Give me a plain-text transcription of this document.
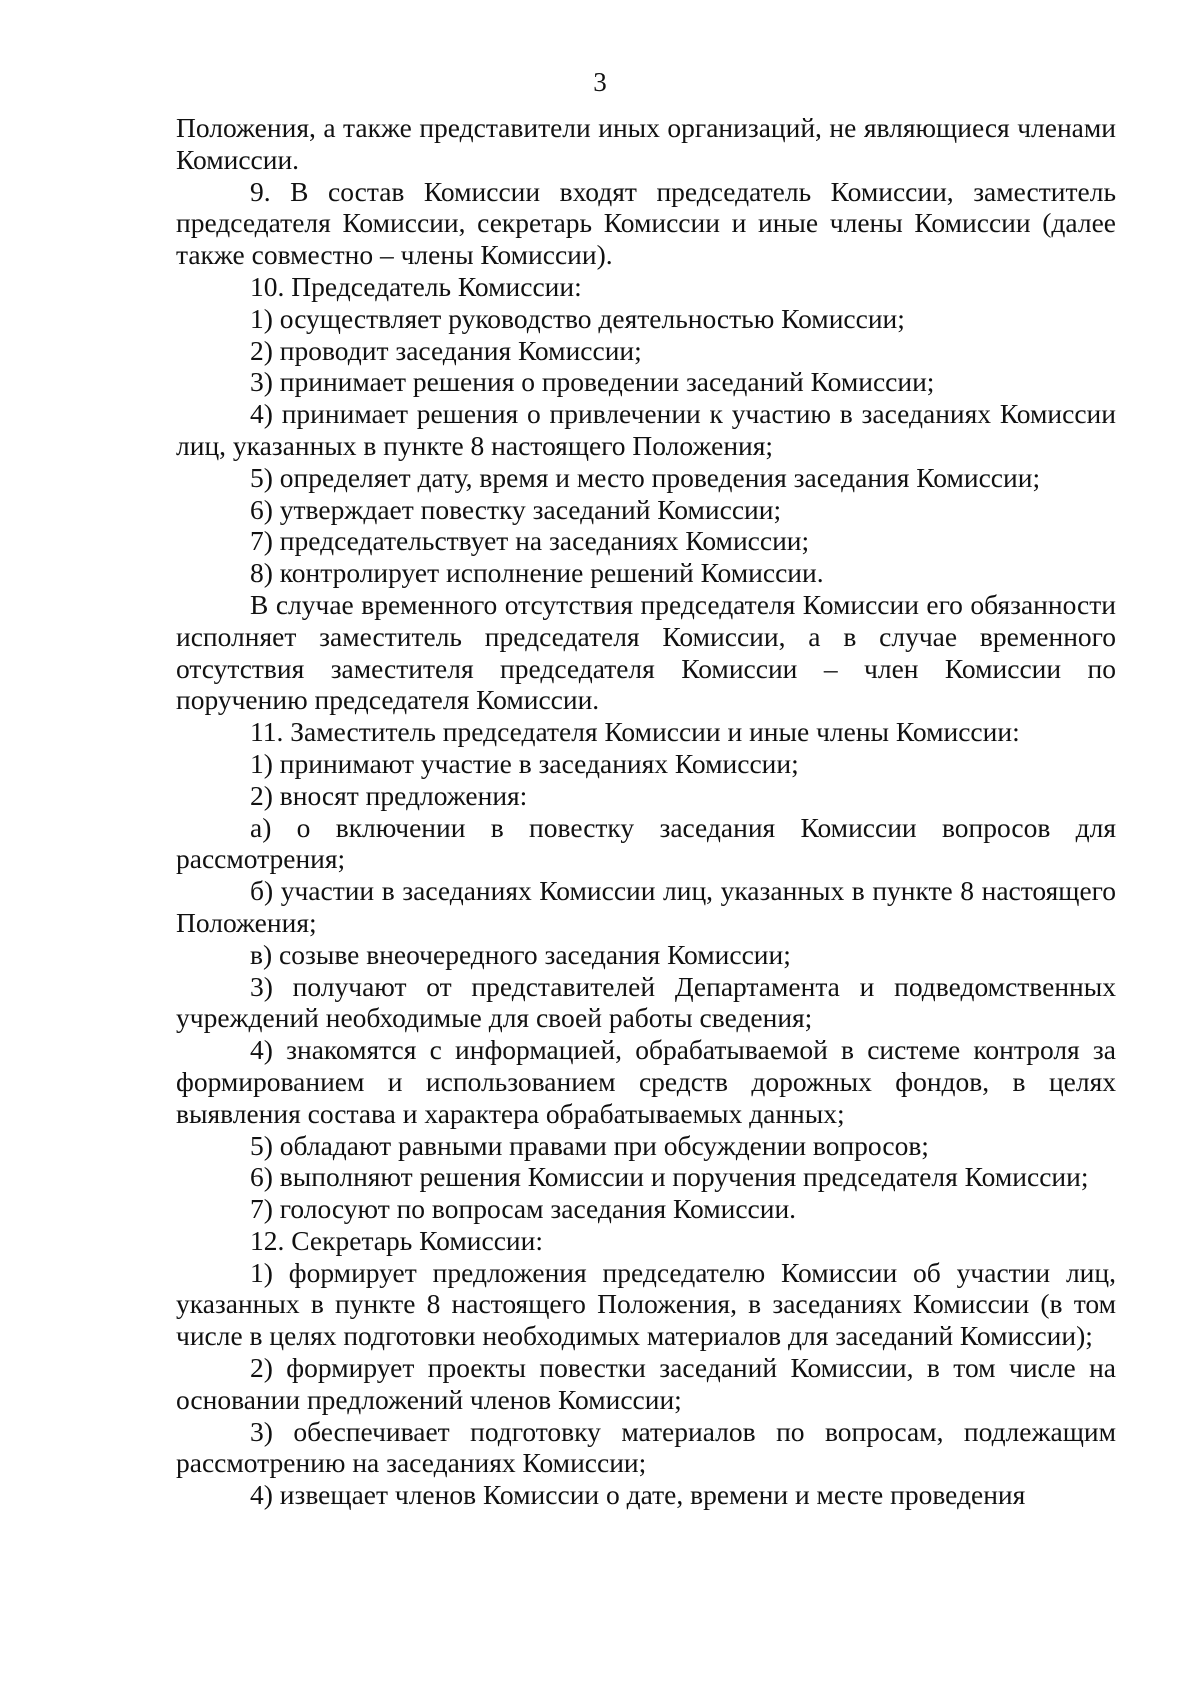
3

Положения, а также представители иных организаций, не являющиеся членами Комиссии.

9. В состав Комиссии входят председатель Комиссии, заместитель председателя Комиссии, секретарь Комиссии и иные члены Комиссии (далее также совместно – члены Комиссии).

10. Председатель Комиссии:

1) осуществляет руководство деятельностью Комиссии;

2) проводит заседания Комиссии;

3) принимает решения о проведении заседаний Комиссии;

4) принимает решения о привлечении к участию в заседаниях Комиссии лиц, указанных в пункте 8 настоящего Положения;

5) определяет дату, время и место проведения заседания Комиссии;

6) утверждает повестку заседаний Комиссии;

7) председательствует на заседаниях Комиссии;

8) контролирует исполнение решений Комиссии.

В случае временного отсутствия председателя Комиссии его обязанности исполняет заместитель председателя Комиссии, а в случае временного отсутствия заместителя председателя Комиссии – член Комиссии по поручению председателя Комиссии.

11. Заместитель председателя Комиссии и иные члены Комиссии:

1) принимают участие в заседаниях Комиссии;

2) вносят предложения:

а) о включении в повестку заседания Комиссии вопросов для рассмотрения;

б) участии в заседаниях Комиссии лиц, указанных в пункте 8 настоящего Положения;

в) созыве внеочередного заседания Комиссии;

3) получают от представителей Департамента и подведомственных учреждений необходимые для своей работы сведения;

4) знакомятся с информацией, обрабатываемой в системе контроля за формированием и использованием средств дорожных фондов, в целях выявления состава и характера обрабатываемых данных;

5) обладают равными правами при обсуждении вопросов;

6) выполняют решения Комиссии и поручения председателя Комиссии;

7) голосуют по вопросам заседания Комиссии.

12. Секретарь Комиссии:

1) формирует предложения председателю Комиссии об участии лиц, указанных в пункте 8 настоящего Положения, в заседаниях Комиссии (в том числе в целях подготовки необходимых материалов для заседаний Комиссии);

2) формирует проекты повестки заседаний Комиссии, в том числе на основании предложений членов Комиссии;

3) обеспечивает подготовку материалов по вопросам, подлежащим рассмотрению на заседаниях Комиссии;

4) извещает членов Комиссии о дате, времени и месте проведения
